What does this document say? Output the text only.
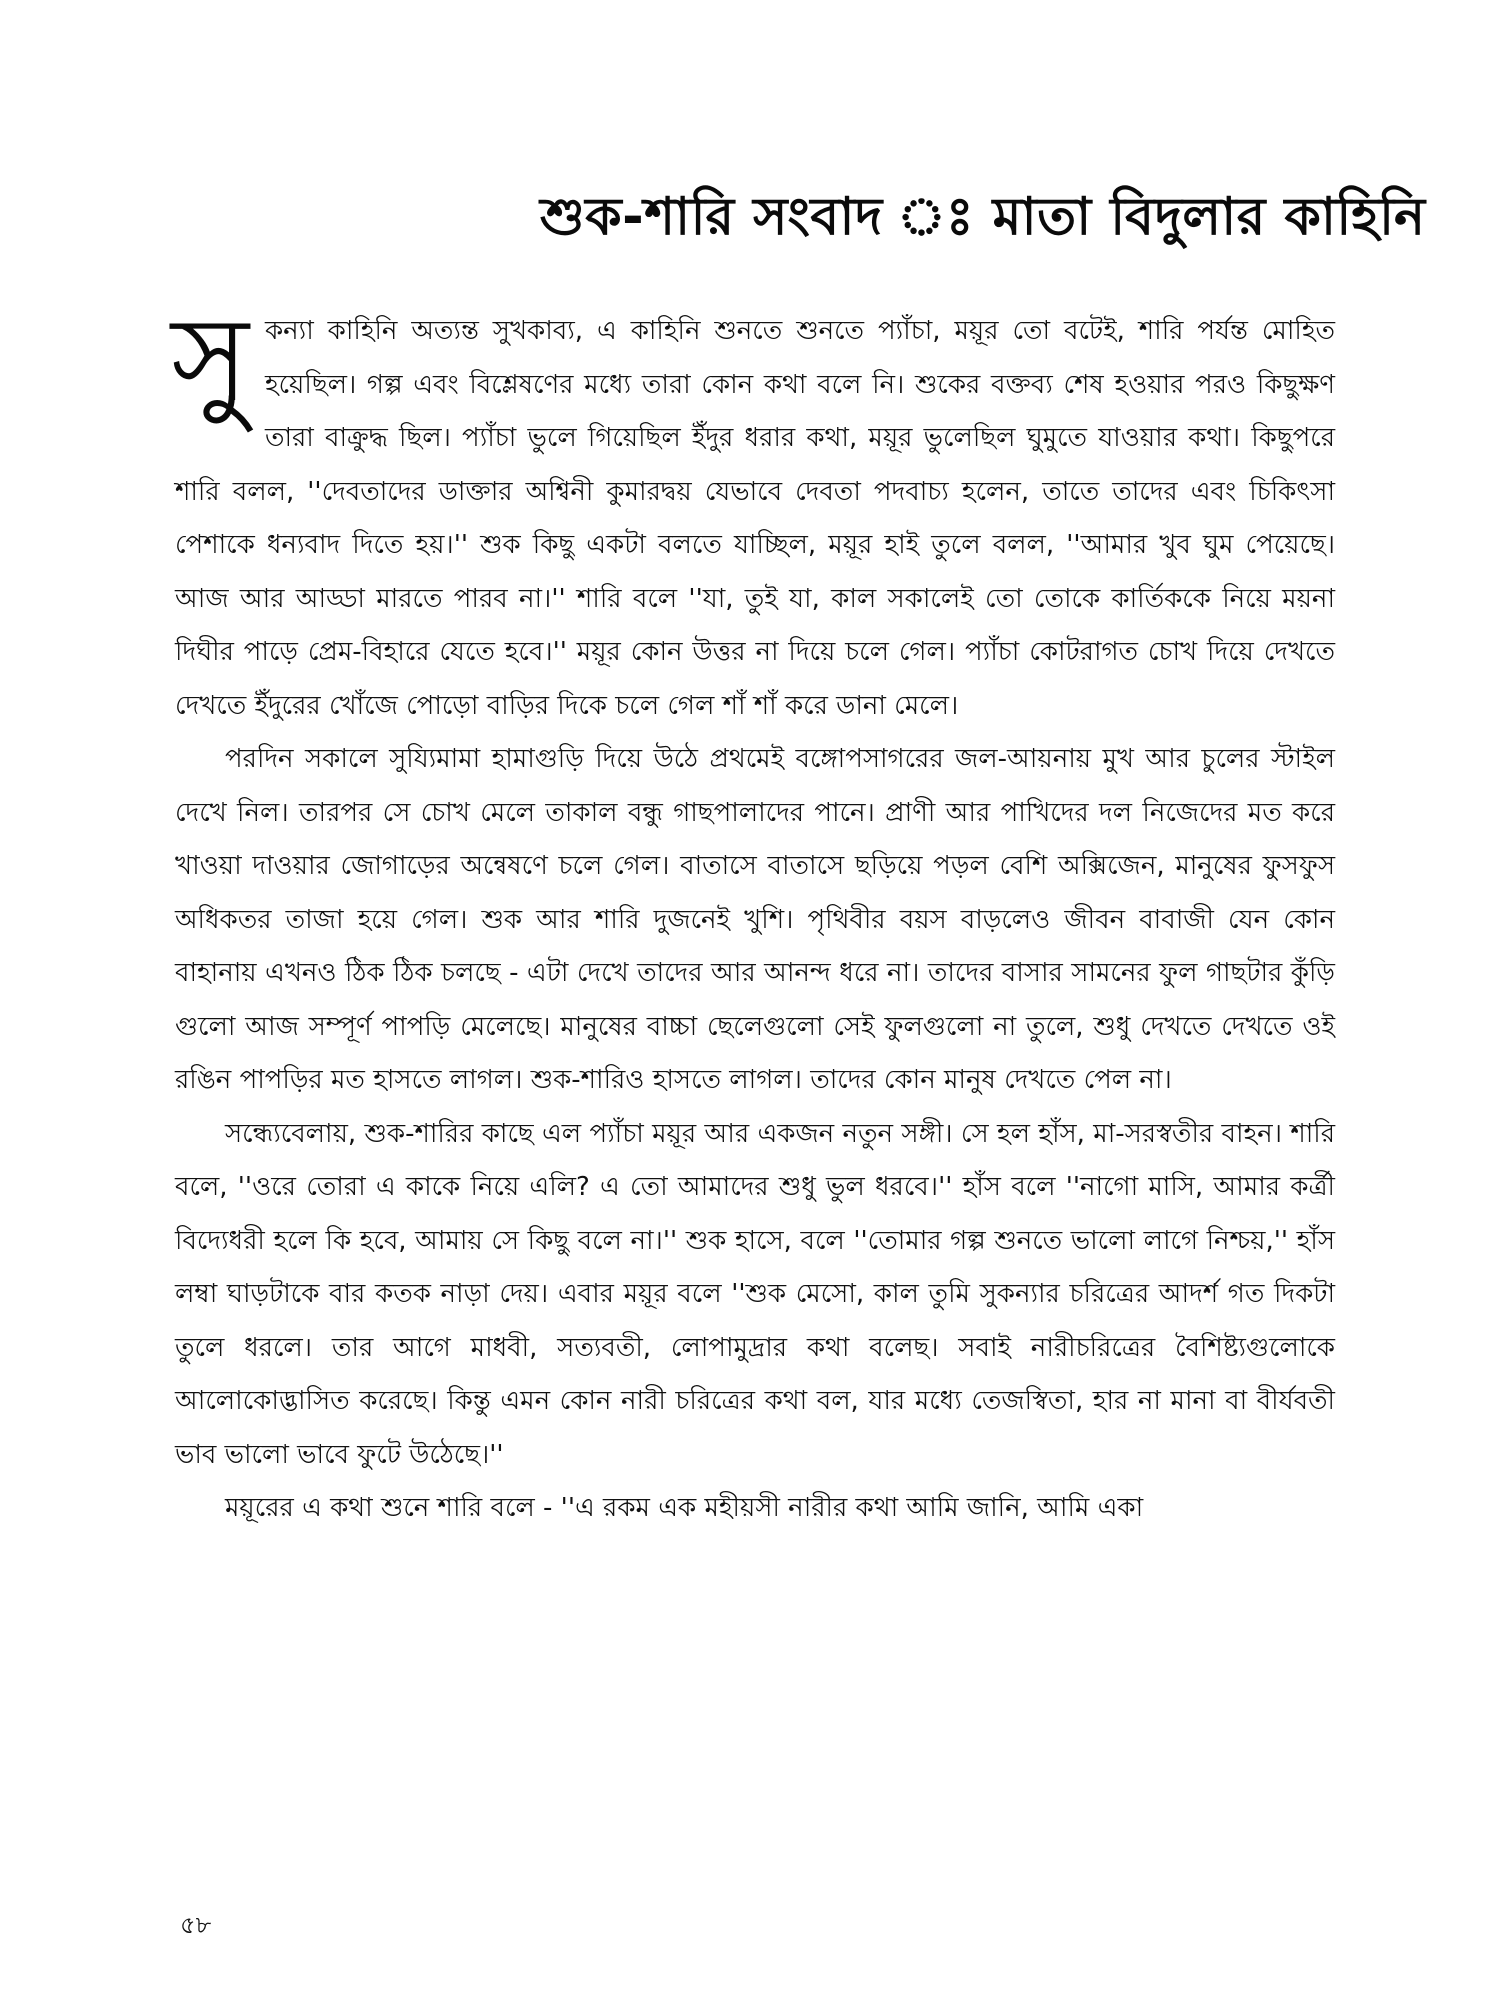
শুক-শারি সংবাদ ঃ মাতা বিদুলার কাহিনি

সুকন্যা কাহিনি অত্যন্ত সুখকাব্য, এ কাহিনি শুনতে শুনতে প্যাঁচা, ময়ূর তো বটেই, শারি পর্যন্ত মোহিত হয়েছিল। গল্প এবং বিশ্লেষণের মধ্যে তারা কোন কথা বলে নি। শুকের বক্তব্য শেষ হওয়ার পরও কিছুক্ষণ তারা বাক্রুদ্ধ ছিল। প্যাঁচা ভুলে গিয়েছিল ইঁদুর ধরার কথা, ময়ূর ভুলেছিল ঘুমুতে যাওয়ার কথা। কিছুপরে শারি বলল, ''দেবতাদের ডাক্তার অশ্বিনী কুমারদ্বয় যেভাবে দেবতা পদবাচ্য হলেন, তাতে তাদের এবং চিকিৎসা পেশাকে ধন্যবাদ দিতে হয়।'' শুক কিছু একটা বলতে যাচ্ছিল, ময়ূর হাই তুলে বলল, ''আমার খুব ঘুম পেয়েছে। আজ আর আড্ডা মারতে পারব না।'' শারি বলে ''যা, তুই যা, কাল সকালেই তো তোকে কার্তিককে নিয়ে ময়না দিঘীর পাড়ে প্রেম-বিহারে যেতে হবে।'' ময়ূর কোন উত্তর না দিয়ে চলে গেল। প্যাঁচা কোটরাগত চোখ দিয়ে দেখতে দেখতে ইঁদুরের খোঁজে পোড়ো বাড়ির দিকে চলে গেল শাঁ শাঁ করে ডানা মেলে।

পরদিন সকালে সুয্যিমামা হামাগুড়ি দিয়ে উঠে প্রথমেই বঙ্গোপসাগরের জল-আয়নায় মুখ আর চুলের স্টাইল দেখে নিল। তারপর সে চোখ মেলে তাকাল বন্ধু গাছপালাদের পানে। প্রাণী আর পাখিদের দল নিজেদের মত করে খাওয়া দাওয়ার জোগাড়ের অন্বেষণে চলে গেল। বাতাসে বাতাসে ছড়িয়ে পড়ল বেশি অক্সিজেন, মানুষের ফুসফুস অধিকতর তাজা হয়ে গেল। শুক আর শারি দুজনেই খুশি। পৃথিবীর বয়স বাড়লেও জীবন বাবাজী যেন কোন বাহানায় এখনও ঠিক ঠিক চলছে - এটা দেখে তাদের আর আনন্দ ধরে না। তাদের বাসার সামনের ফুল গাছটার কুঁড়ি গুলো আজ সম্পূর্ণ পাপড়ি মেলেছে। মানুষের বাচ্চা ছেলেগুলো সেই ফুলগুলো না তুলে, শুধু দেখতে দেখতে ওই রঙিন পাপড়ির মত হাসতে লাগল। শুক-শারিও হাসতে লাগল। তাদের কোন মানুষ দেখতে পেল না।

সন্ধ্যেবেলায়, শুক-শারির কাছে এল প্যাঁচা ময়ূর আর একজন নতুন সঙ্গী। সে হল হাঁস, মা-সরস্বতীর বাহন। শারি বলে, ''ওরে তোরা এ কাকে নিয়ে এলি? এ তো আমাদের শুধু ভুল ধরবে।'' হাঁস বলে ''নাগো মাসি, আমার কর্ত্রী বিদ্যেধরী হলে কি হবে, আমায় সে কিছু বলে না।'' শুক হাসে, বলে ''তোমার গল্প শুনতে ভালো লাগে নিশ্চয়,'' হাঁস লম্বা ঘাড়টাকে বার কতক নাড়া দেয়। এবার ময়ূর বলে ''শুক মেসো, কাল তুমি সুকন্যার চরিত্রের আদর্শ গত দিকটা তুলে ধরলে। তার আগে মাধবী, সত্যবতী, লোপামুদ্রার কথা বলেছ। সবাই নারীচরিত্রের বৈশিষ্ট্যগুলোকে আলোকোদ্ভাসিত করেছে। কিন্তু এমন কোন নারী চরিত্রের কথা বল, যার মধ্যে তেজস্বিতা, হার না মানা বা বীর্যবতী ভাব ভালো ভাবে ফুটে উঠেছে।''

ময়ূরের এ কথা শুনে শারি বলে - ''এ রকম এক মহীয়সী নারীর কথা আমি জানি, আমি একা

৫৮
